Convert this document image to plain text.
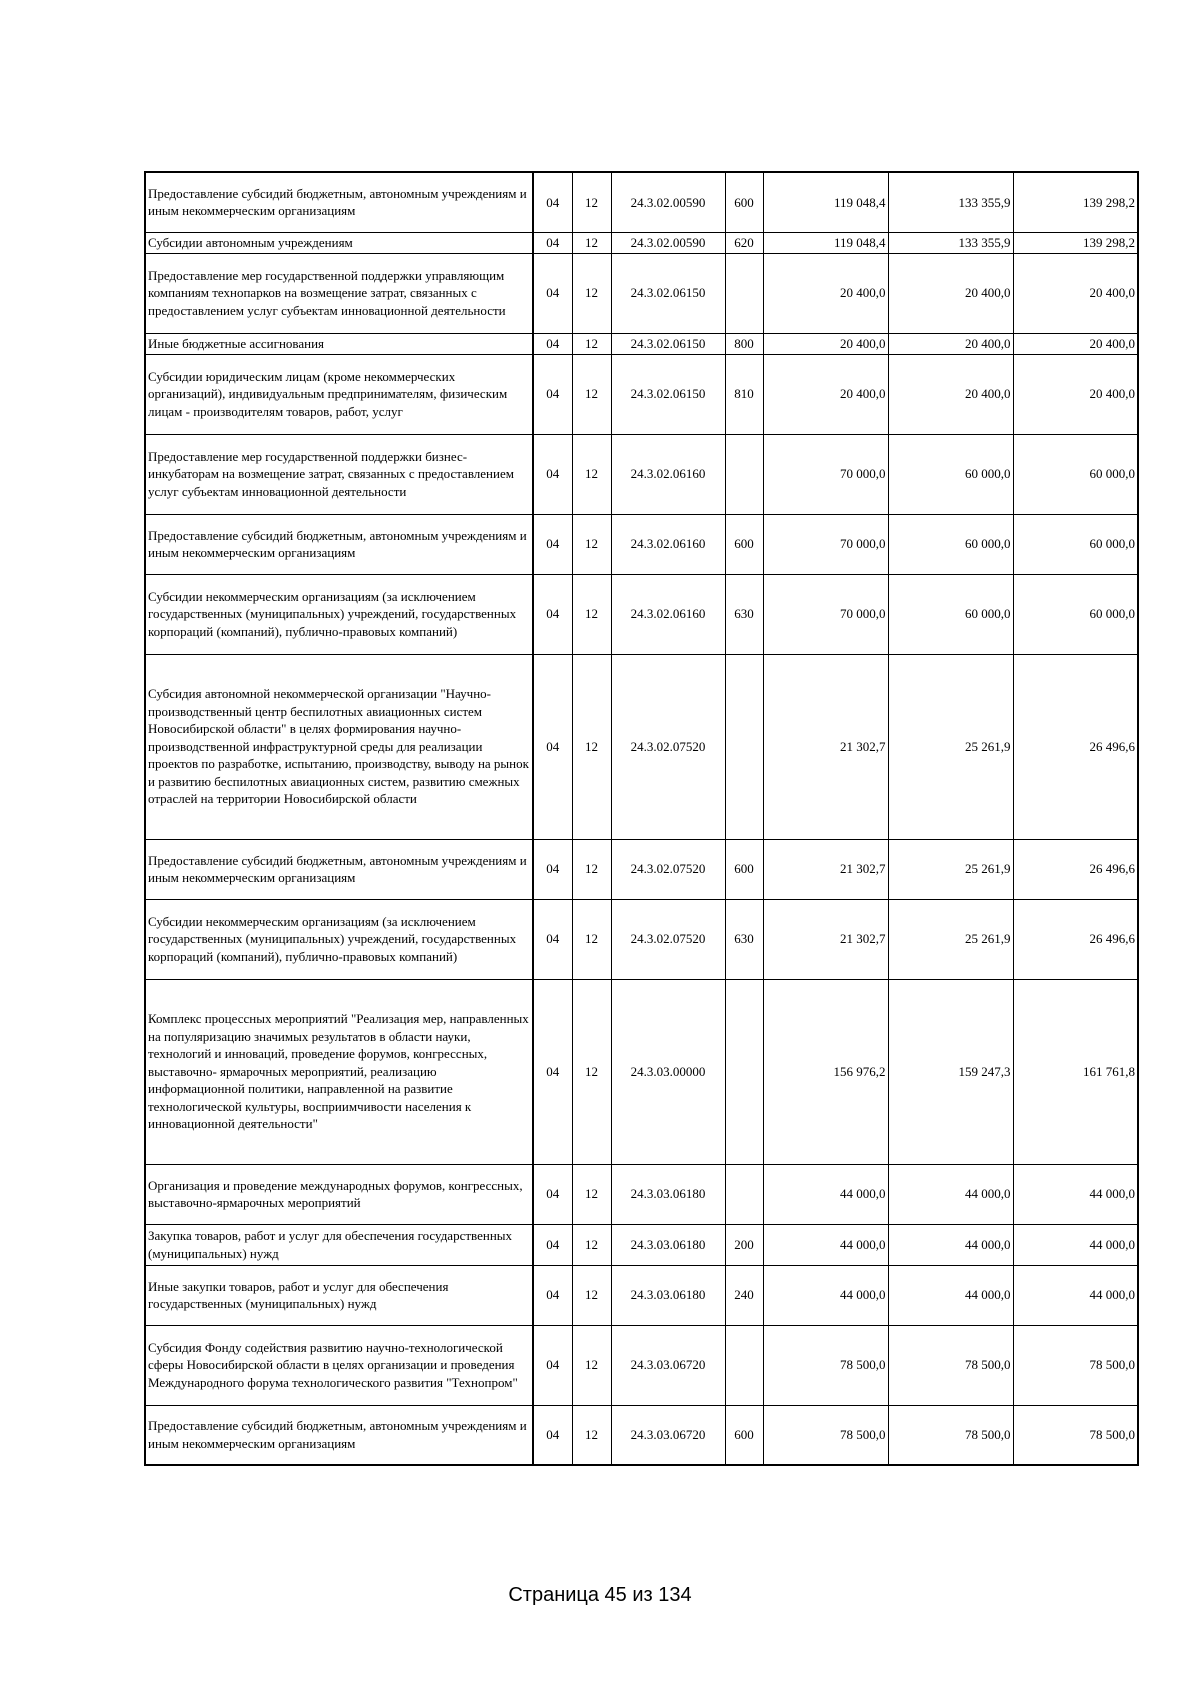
Предоставление субсидий бюджетным, автономным учреждениям и иным некоммерческим организациям	04	12	24.3.02.00590	600	119 048,4	133 355,9	139 298,2
Субсидии автономным учреждениям	04	12	24.3.02.00590	620	119 048,4	133 355,9	139 298,2
Предоставление мер государственной поддержки управляющим компаниям технопарков на возмещение затрат, связанных с предоставлением услуг субъектам инновационной деятельности	04	12	24.3.02.06150		20 400,0	20 400,0	20 400,0
Иные бюджетные ассигнования	04	12	24.3.02.06150	800	20 400,0	20 400,0	20 400,0
Субсидии юридическим лицам (кроме некоммерческих организаций), индивидуальным предпринимателям, физическим лицам - производителям товаров, работ, услуг	04	12	24.3.02.06150	810	20 400,0	20 400,0	20 400,0
Предоставление мер государственной поддержки бизнес-инкубаторам на возмещение затрат, связанных с предоставлением услуг субъектам инновационной деятельности	04	12	24.3.02.06160		70 000,0	60 000,0	60 000,0
Предоставление субсидий бюджетным, автономным учреждениям и иным некоммерческим организациям	04	12	24.3.02.06160	600	70 000,0	60 000,0	60 000,0
Субсидии некоммерческим организациям (за исключением государственных (муниципальных) учреждений, государственных корпораций (компаний), публично-правовых компаний)	04	12	24.3.02.06160	630	70 000,0	60 000,0	60 000,0
Субсидия автономной некоммерческой организации "Научно-производственный центр беспилотных авиационных систем Новосибирской области" в целях формирования научно-производственной инфраструктурной среды для реализации проектов по разработке, испытанию, производству, выводу на рынок и развитию беспилотных авиационных систем, развитию смежных отраслей на территории Новосибирской области	04	12	24.3.02.07520		21 302,7	25 261,9	26 496,6
Предоставление субсидий бюджетным, автономным учреждениям и иным некоммерческим организациям	04	12	24.3.02.07520	600	21 302,7	25 261,9	26 496,6
Субсидии некоммерческим организациям (за исключением государственных (муниципальных) учреждений, государственных корпораций (компаний), публично-правовых компаний)	04	12	24.3.02.07520	630	21 302,7	25 261,9	26 496,6
Комплекс процессных мероприятий "Реализация мер, направленных на популяризацию значимых результатов в области науки, технологий и инноваций, проведение форумов, конгрессных, выставочно- ярмарочных мероприятий, реализацию информационной политики, направленной на развитие технологической культуры, восприимчивости населения к инновационной деятельности"	04	12	24.3.03.00000		156 976,2	159 247,3	161 761,8
Организация и проведение международных форумов, конгрессных, выставочно-ярмарочных мероприятий	04	12	24.3.03.06180		44 000,0	44 000,0	44 000,0
Закупка товаров, работ и услуг для обеспечения государственных (муниципальных) нужд	04	12	24.3.03.06180	200	44 000,0	44 000,0	44 000,0
Иные закупки товаров, работ и услуг для обеспечения государственных (муниципальных) нужд	04	12	24.3.03.06180	240	44 000,0	44 000,0	44 000,0
Субсидия Фонду содействия развитию научно-технологической сферы Новосибирской области в целях организации и проведения Международного форума технологического развития "Технопром"	04	12	24.3.03.06720		78 500,0	78 500,0	78 500,0
Предоставление субсидий бюджетным, автономным учреждениям и иным некоммерческим организациям	04	12	24.3.03.06720	600	78 500,0	78 500,0	78 500,0
Страница 45 из 134
